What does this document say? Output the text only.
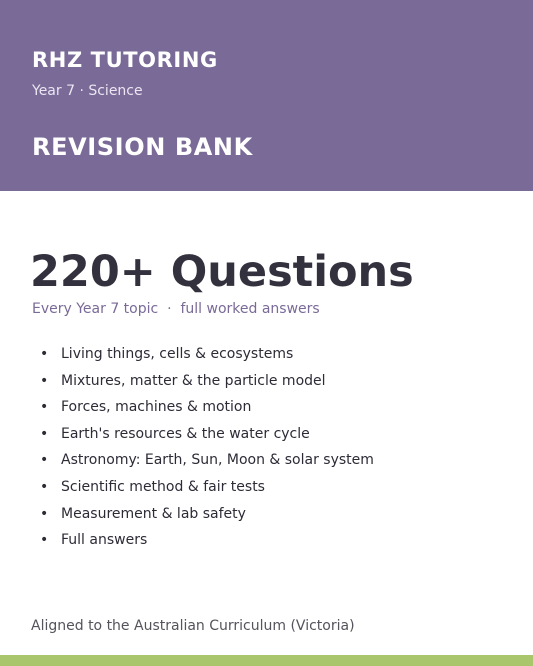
RHZ TUTORING
Year 7 · Science
REVISION BANK
220+ Questions
Every Year 7 topic  ·  full worked answers
• Living things, cells & ecosystems
• Mixtures, matter & the particle model
• Forces, machines & motion
• Earth's resources & the water cycle
• Astronomy: Earth, Sun, Moon & solar system
• Scientific method & fair tests
• Measurement & lab safety
• Full answers
Aligned to the Australian Curriculum (Victoria)
